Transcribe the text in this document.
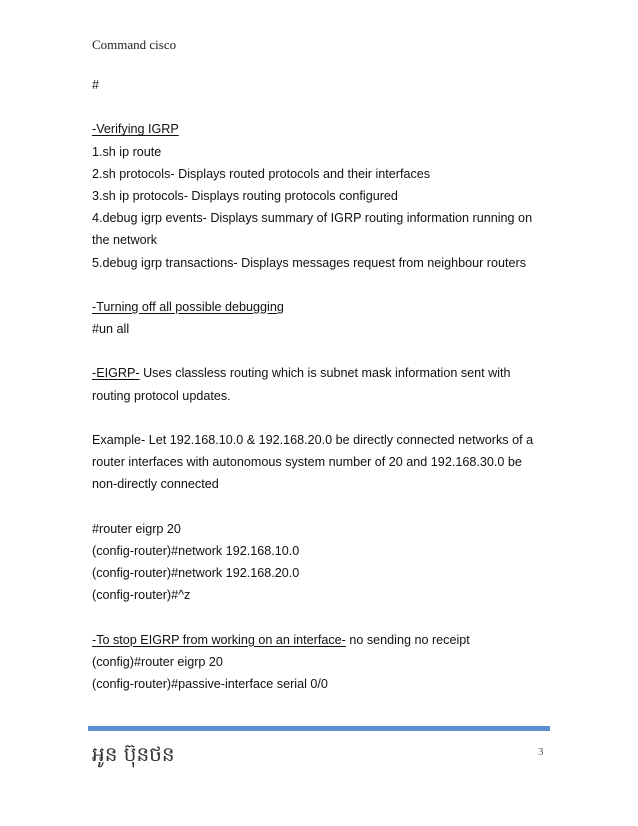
Command cisco
#
-Verifying IGRP
1.sh ip route
2.sh protocols- Displays routed protocols and their interfaces
3.sh ip protocols- Displays routing protocols configured
4.debug igrp events- Displays summary of IGRP routing information running on
the network
5.debug igrp transactions- Displays messages request from neighbour routers
-Turning off all possible debugging
#un all
-EIGRP- Uses classless routing which is subnet mask information sent with
routing protocol updates.
Example- Let 192.168.10.0 & 192.168.20.0 be directly connected networks of a
router interfaces with autonomous system number of 20 and 192.168.30.0 be
non-directly connected
#router eigrp 20
(config-router)#network 192.168.10.0
(config-router)#network 192.168.20.0
(config-router)#^z
-To stop EIGRP from working on an interface- no sending no receipt
(config)#router eigrp 20
(config-router)#passive-interface serial 0/0
អូន ប៊ុនថន	3
